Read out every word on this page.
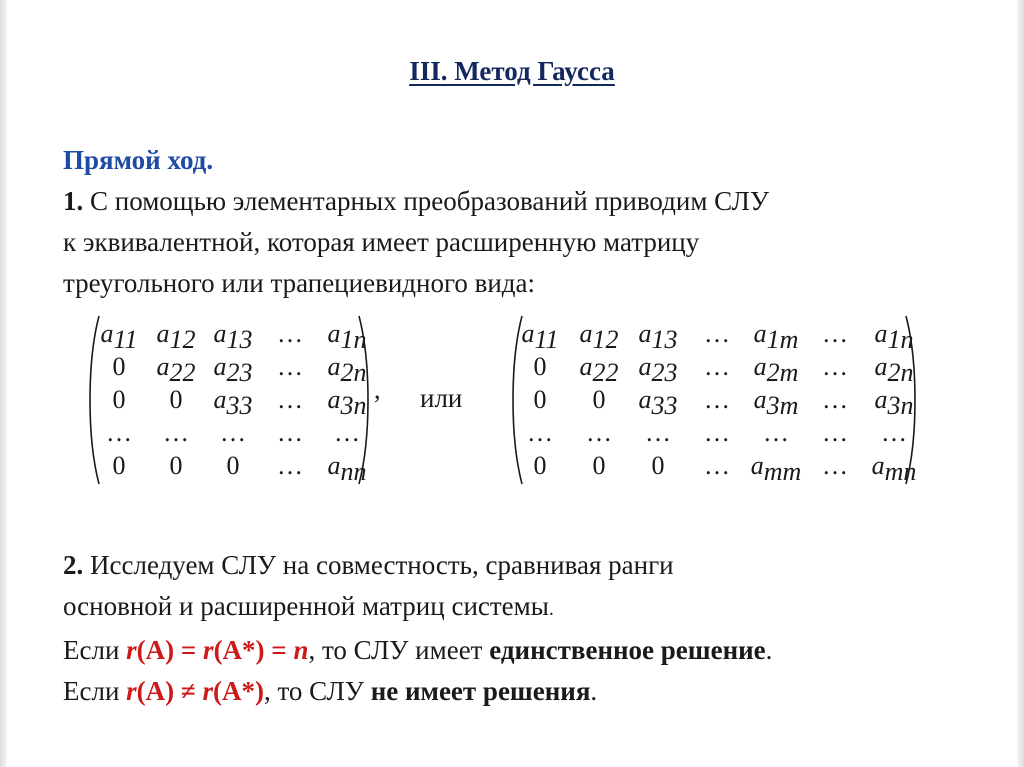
III. Метод Гаусса
Прямой ход.
1. С помощью элементарных преобразований приводим СЛУ
к эквивалентной, которая имеет расширенную матрицу
треугольного или трапециевидного вида:
a11 a12 a13 … a1n
0 a22 a23 … a2n
0 0 a33 … a3n
… … … … …
0 0 0 … ann
, или
a11 a12 a13 … a1m … a1n
0 a22 a23 … a2m … a2n
0 0 a33 … a3m … a3n
… … … … … … …
0 0 0 … amm … amn
2. Исследуем СЛУ на совместность, сравнивая ранги
основной и расширенной матриц системы.
Если r(A) = r(A*) = n, то СЛУ имеет единственное решение.
Если r(A) ≠ r(A*), то СЛУ не имеет решения.
